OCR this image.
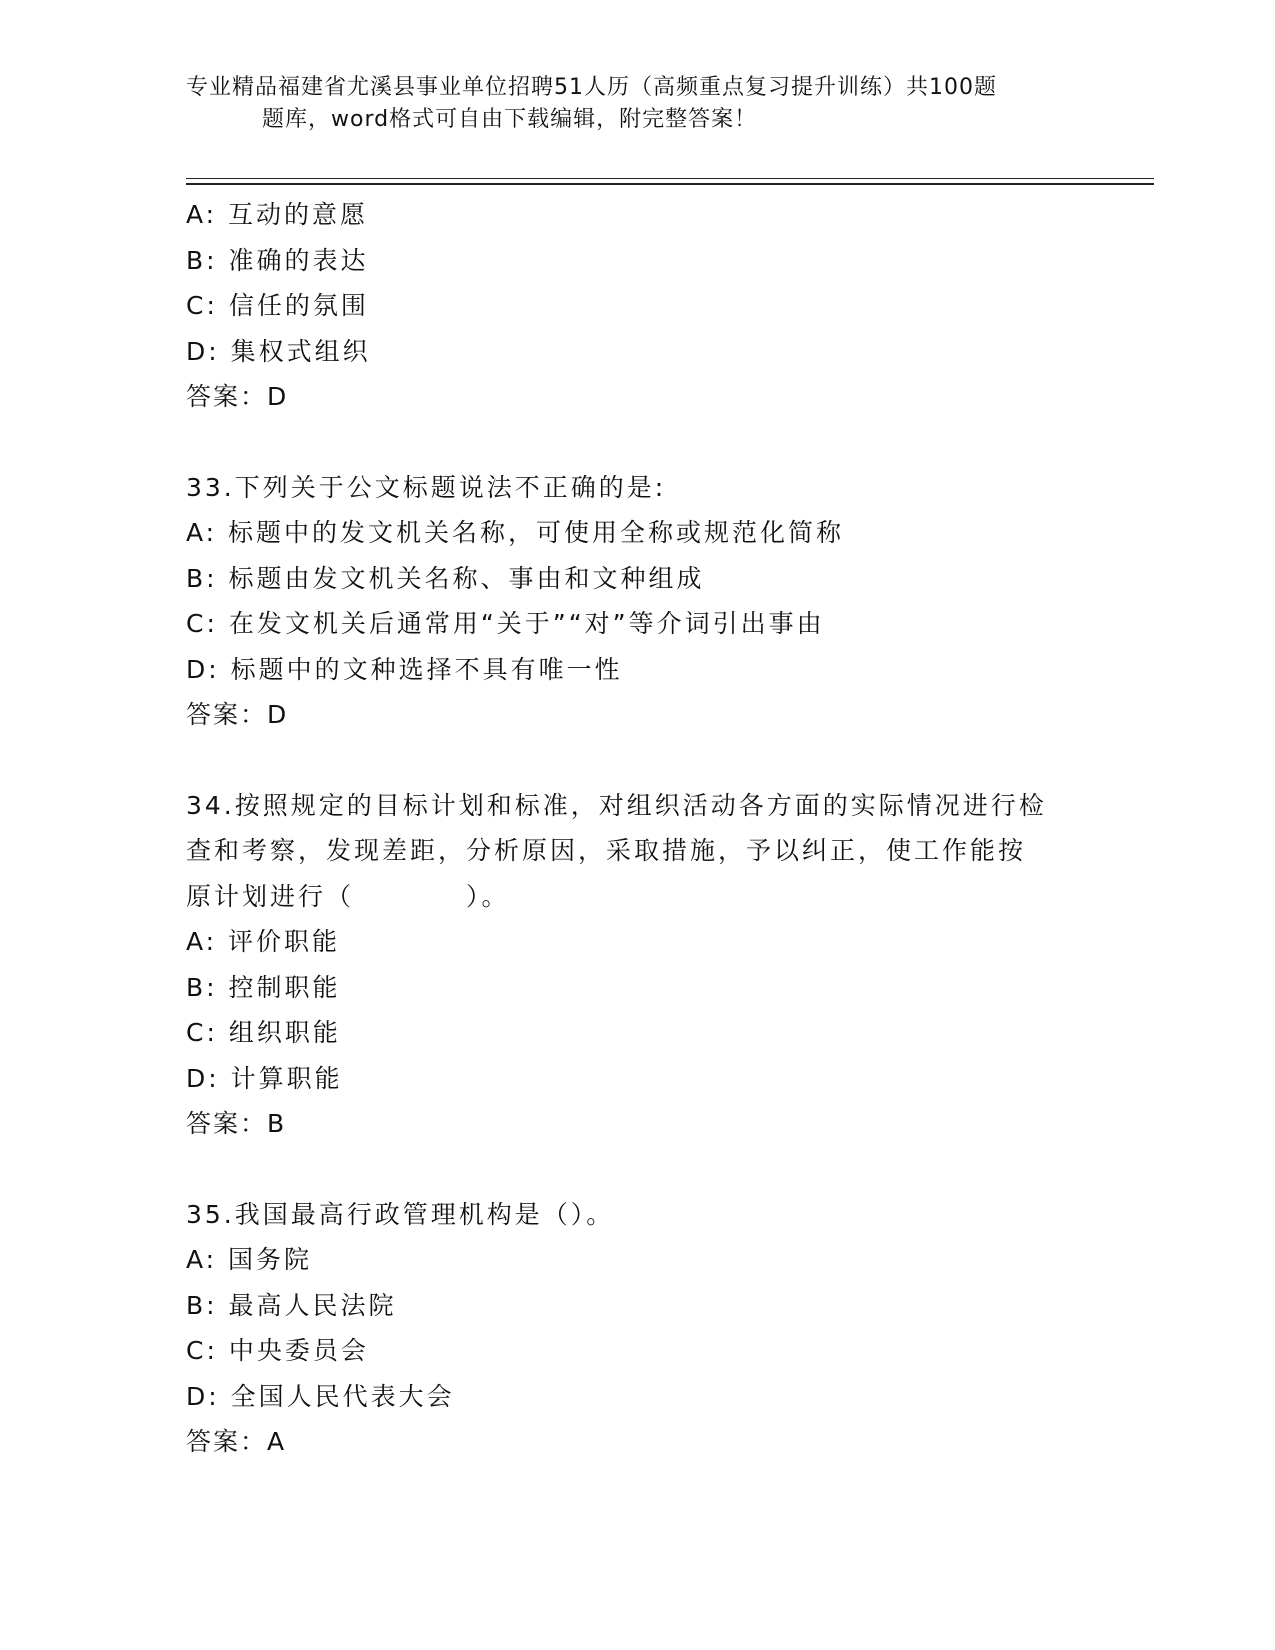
专业精品福建省尤溪县事业单位招聘51人历（高频重点复习提升训练）共100题
题库，word格式可自由下载编辑，附完整答案！
A: 互动的意愿
B: 准确的表达
C: 信任的氛围
D: 集权式组织
答案：D
33.下列关于公文标题说法不正确的是:
A: 标题中的发文机关名称，可使用全称或规范化简称
B: 标题由发文机关名称、事由和文种组成
C: 在发文机关后通常用“关于”“对”等介词引出事由
D: 标题中的文种选择不具有唯一性
答案：D
34.按照规定的目标计划和标准，对组织活动各方面的实际情况进行检
查和考察，发现差距，分析原因，采取措施，予以纠正，使工作能按
原计划进行（　　　　）。
A: 评价职能
B: 控制职能
C: 组织职能
D: 计算职能
答案：B
35.我国最高行政管理机构是（）。
A: 国务院
B: 最高人民法院
C: 中央委员会
D: 全国人民代表大会
答案：A
